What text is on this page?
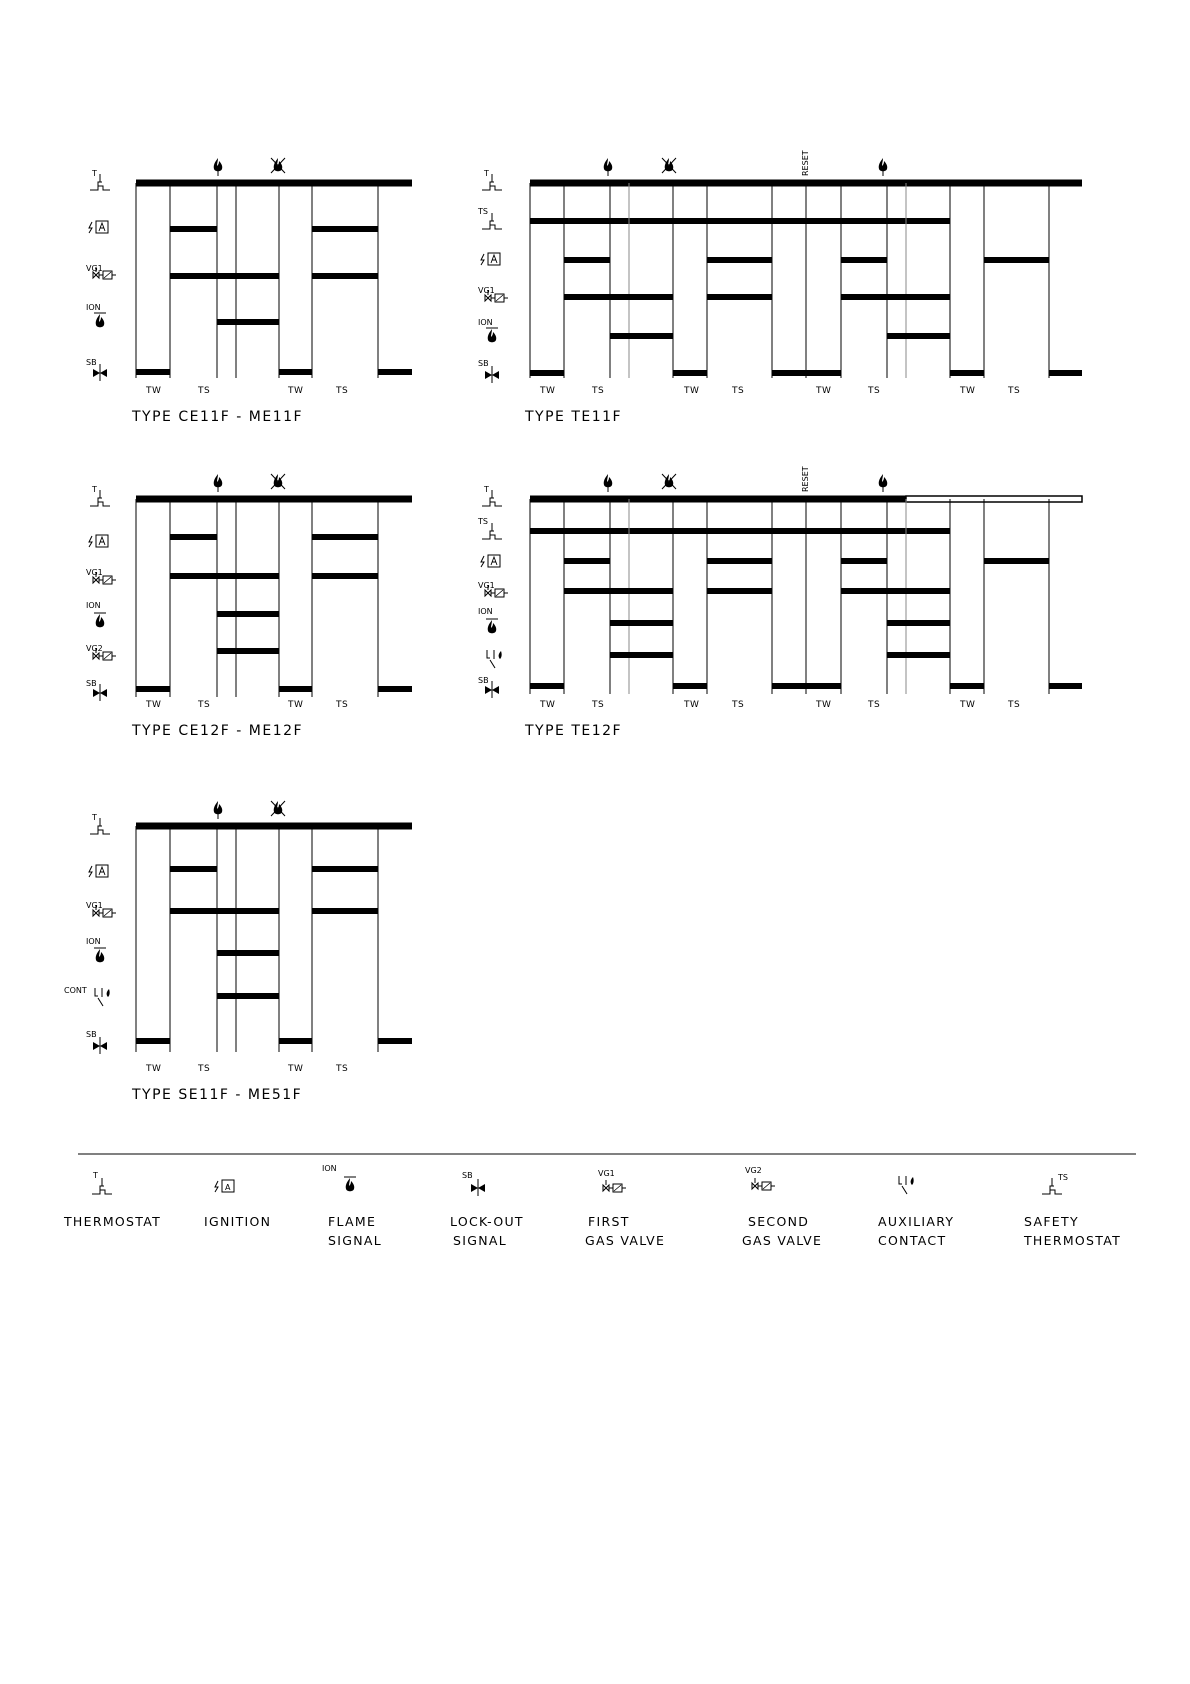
T
VG1
ION
SB
TW	TS	TW	TS
TYPE CE11F - ME11F
RESET
T
TS
VG1
ION
SB
TW	TS	TW	TS	TW	TS	TW	TS
TYPE TE11F
T
VG1
ION
VG2
SB
TW	TS	TW	TS
TYPE CE12F - ME12F
RESET
T
TS
VG1
ION
SB
TW	TS	TW	TS	TW	TS	TW	TS
TYPE TE12F
T
VG1
ION
CONT
SB
TW	TS	TW	TS
TYPE SE11F - ME51F
T
THERMOSTAT
A
IGNITION
ION
FLAME
SIGNAL
SB
LOCK-OUT
SIGNAL
VG1
FIRST
GAS VALVE
VG2
SECOND
GAS VALVE
AUXILIARY
CONTACT
TS
SAFETY
THERMOSTAT
